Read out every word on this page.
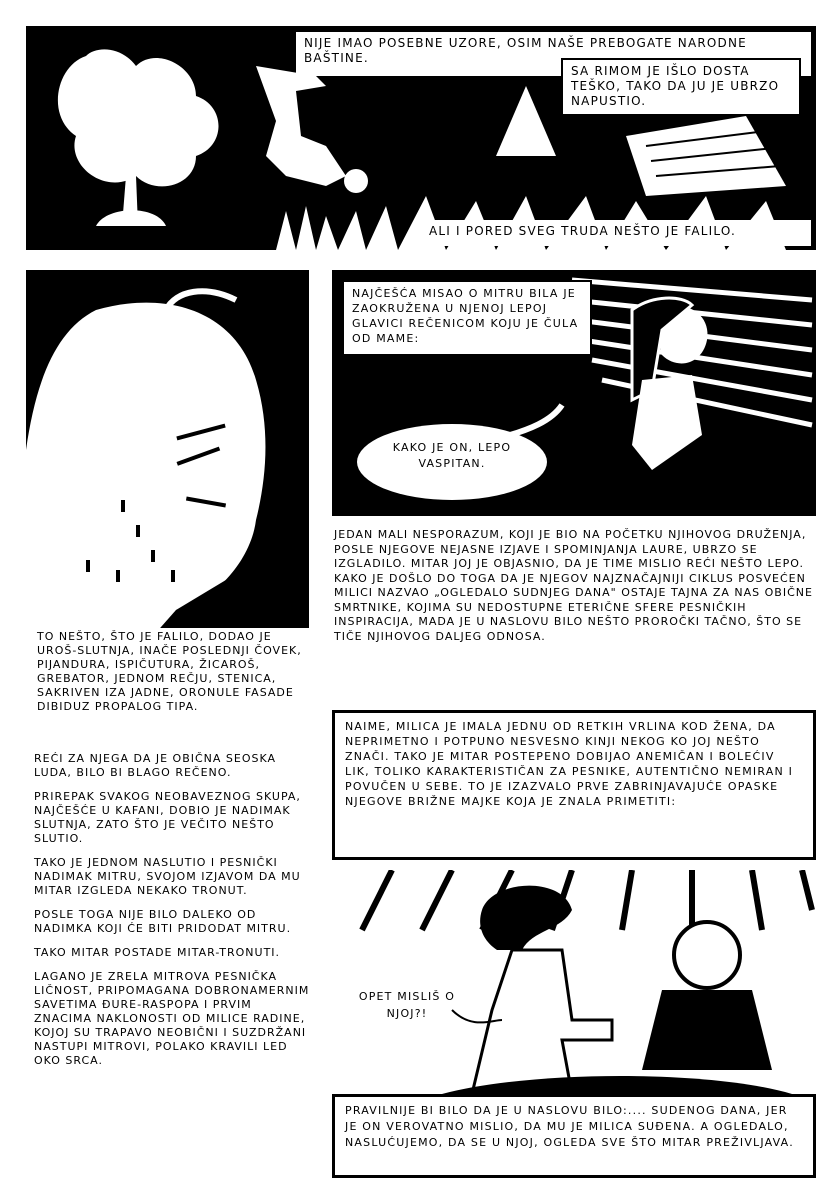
NIJE IMAO POSEBNE UZORE, OSIM NAŠE PREBOGATE NARODNE BAŠTINE.
SA RIMOM JE IŠLO DOSTA TEŠKO, TAKO DA JU JE UBRZO NAPUSTIO.
ALI I PORED SVEG TRUDA NEŠTO JE FALILO.
TO NEŠTO, ŠTO JE FALILO, DODAO JE UROŠ-SLUTNJA, INAČE POSLEDNJI ČOVEK, PIJANDURA, ISPIČUTURA, ŽICAROŠ, GREBATOR, JEDNOM REČJU, STENICA, SAKRIVEN IZA JADNE, ORONULE FASADE DIBIDUZ PROPALOG TIPA.

REĆI ZA NJEGA DA JE OBIČNA SEOSKA LUDA, BILO BI BLAGO REČENO.

PRIREPAK SVAKOG NEOBAVEZNOG SKUPA, NAJČEŠĆE U KAFANI, DOBIO JE NADIMAK SLUTNJA, ZATO ŠTO JE VEČITO NEŠTO SLUTIO.

TAKO JE JEDNOM NASLUTIO I PESNIČKI NADIMAK MITRU, SVOJOM IZJAVOM DA MU MITAR IZGLEDA NEKAKO TRONUT.

POSLE TOGA NIJE BILO DALEKO OD NADIMKA KOJI ĆE BITI PRIDODAT MITRU.

TAKO MITAR POSTADE MITAR-TRONUTI.

LAGANO JE ZRELA MITROVA PESNIČKA LIČNOST, PRIPOMAGANA DOBRONAMERNIM SAVETIMA ĐURE-RASPOPA I PRVIM ZNACIMA NAKLONOSTI OD MILICE RADINE, KOJOJ SU TRAPAVO NEOBIČNI I SUZDRŽANI NASTUPI MITROVI, POLAKO KRAVILI LED OKO SRCA.

NAJČEŠĆA MISAO O MITRU BILA JE ZAOKRUŽENA U NJENOJ LEPOJ GLAVICI REČENICOM KOJU JE ČULA OD MAME:
KAKO JE ON, LEPO VASPITAN.
JEDAN MALI NESPORAZUM, KOJI JE BIO NA POČETKU NJIHOVOG DRUŽENJA, POSLE NJEGOVE NEJASNE IZJAVE I SPOMINJANJA LAURE, UBRZO SE IZGLADILO. MITAR JOJ JE OBJASNIO, DA JE TIME MISLIO REĆI NEŠTO LEPO. KAKO JE DOŠLO DO TOGA DA JE NJEGOV NAJZNAČAJNIJI CIKLUS POSVEĆEN MILICI NAZVAO „OGLEDALO SUDNJEG DANA" OSTAJE TAJNA ZA NAS OBIČNE SMRTNIKE, KOJIMA SU NEDOSTUPNE ETERIČNE SFERE PESNIČKIH INSPIRACIJA, MADA JE U NASLOVU BILO NEŠTO PROROČKI TAČNO, ŠTO SE TIČE NJIHOVOG DALJEG ODNOSA.
NAIME, MILICA JE IMALA JEDNU OD RETKIH VRLINA KOD ŽENA, DA NEPRIMETNO I POTPUNO NESVESNO KINJI NEKOG KO JOJ NEŠTO ZNAČI. TAKO JE MITAR POSTEPENO DOBIJAO ANEMIČAN I BOLEĆIV LIK, TOLIKO KARAKTERISTIČAN ZA PESNIKE, AUTENTIČNO NEMIRAN I POVUČEN U SEBE. TO JE IZAZVALO PRVE ZABRINJAVAJUĆE OPASKE NJEGOVE BRIŽNE MAJKE KOJA JE ZNALA PRIMETITI:
OPET MISLIŠ O NJOJ?!
PRAVILNIJE BI BILO DA JE U NASLOVU BILO:.... SUDENOG DANA, JER JE ON VEROVATNO MISLIO, DA MU JE MILICA SUĐENA. A OGLEDALO, NASLUĆUJEMO, DA SE U NJOJ, OGLEDA SVE ŠTO MITAR PREŽIVLJAVA.
